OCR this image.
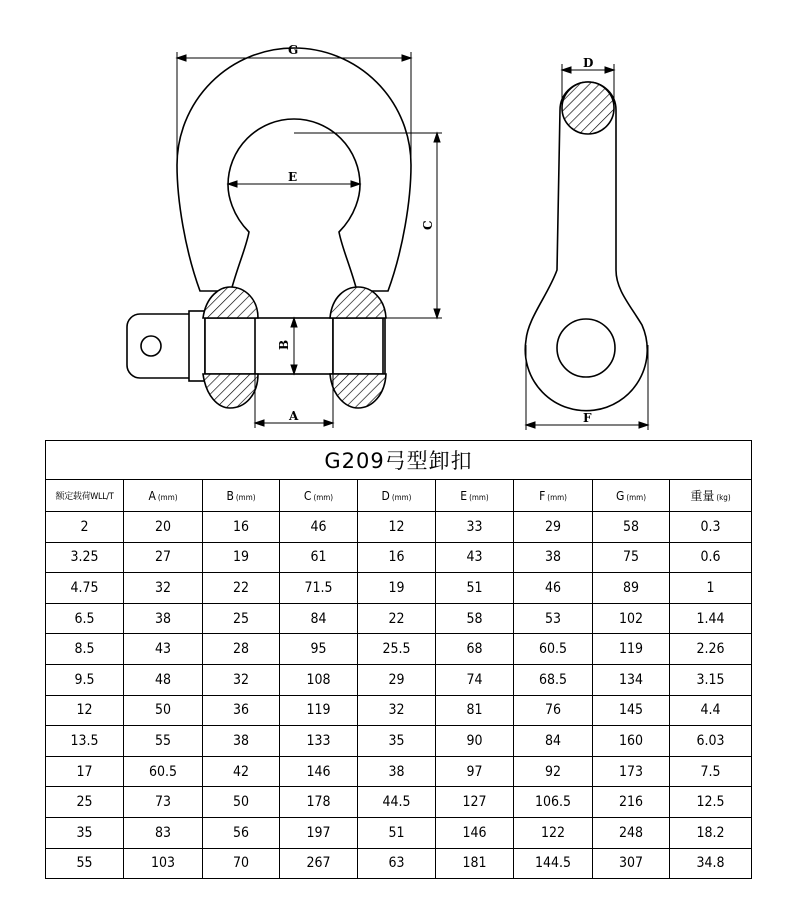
G
E
C
B
A
D
F
G209弓型卸扣								
额定载荷WLL/T	A (mm)	B (mm)	C (mm)	D (mm)	E (mm)	F (mm)	G (mm)	重量 (kg)
2	20	16	46	12	33	29	58	0.3
3.25	27	19	61	16	43	38	75	0.6
4.75	32	22	71.5	19	51	46	89	1
6.5	38	25	84	22	58	53	102	1.44
8.5	43	28	95	25.5	68	60.5	119	2.26
9.5	48	32	108	29	74	68.5	134	3.15
12	50	36	119	32	81	76	145	4.4
13.5	55	38	133	35	90	84	160	6.03
17	60.5	42	146	38	97	92	173	7.5
25	73	50	178	44.5	127	106.5	216	12.5
35	83	56	197	51	146	122	248	18.2
55	103	70	267	63	181	144.5	307	34.8
